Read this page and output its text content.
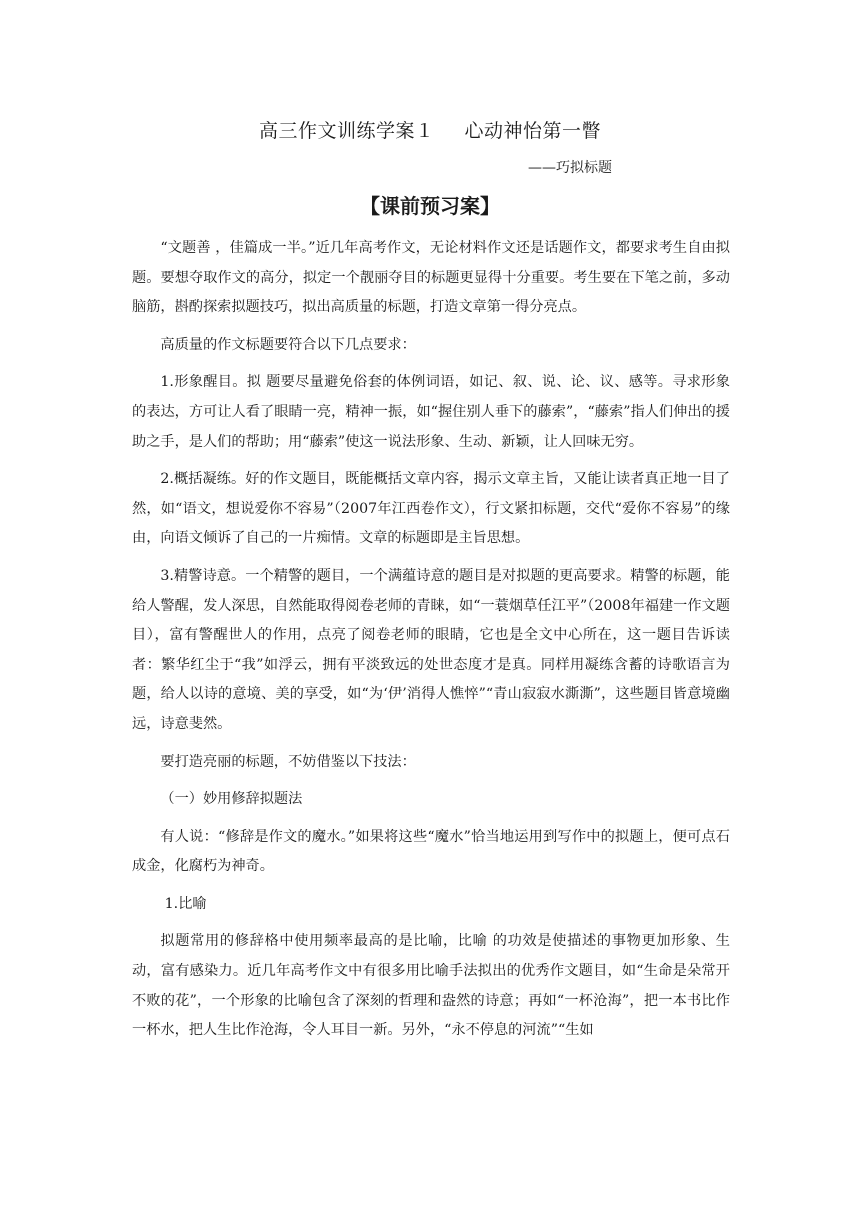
高三作文训练学案１ 心动神怡第一瞥
——巧拟标题
【课前预习案】

“文题善 ，佳篇成一半。”近几年高考作文，无论材料作文还是话题作文，都要求考生自由拟题。要想夺取作文的高分，拟定一个靓丽夺目的标题更显得十分重要。考生要在下笔之前，多动脑筋，斟酌探索拟题技巧，拟出高质量的标题，打造文章第一得分亮点。

高质量的作文标题要符合以下几点要求：

1.形象醒目。拟 题要尽量避免俗套的体例词语，如记、叙、说、论、议、感等。寻求形象的表达，方可让人看了眼睛一亮，精神一振，如“握住别人垂下的藤索”，“藤索”指人们伸出的援助之手，是人们的帮助；用“藤索”使这一说法形象、生动、新颖，让人回味无穷。

2.概括凝练。好的作文题目，既能概括文章内容，揭示文章主旨，又能让读者真正地一目了然，如“语文，想说爱你不容易”（2007年江西卷作文），行文紧扣标题，交代“爱你不容易”的缘由，向语文倾诉了自己的一片痴情。文章的标题即是主旨思想。

3.精警诗意。一个精警的题目，一个满蕴诗意的题目是对拟题的更高要求。精警的标题，能给人警醒，发人深思，自然能取得阅卷老师的青睐，如“一蓑烟草任江平”（2008年福建一作文题目），富有警醒世人的作用，点亮了阅卷老师的眼睛，它也是全文中心所在，这一题目告诉读者：繁华红尘于“我”如浮云，拥有平淡致远的处世态度才是真。同样用凝练含蓄的诗歌语言为题，给人以诗的意境、美的享受，如“为‘伊’消得人憔悴”“青山寂寂水澌澌”，这些题目皆意境幽远，诗意斐然。

要打造亮丽的标题，不妨借鉴以下技法：

（一）妙用修辞拟题法

有人说：“修辞是作文的魔水。”如果将这些“魔水”恰当地运用到写作中的拟题上，便可点石成金，化腐朽为神奇。

1.比喻

拟题常用的修辞格中使用频率最高的是比喻，比喻 的功效是使描述的事物更加形象、生动，富有感染力。近几年高考作文中有很多用比喻手法拟出的优秀作文题目，如“生命是朵常开不败的花”，一个形象的比喻包含了深刻的哲理和盎然的诗意；再如“一杯沧海”，把一本书比作一杯水，把人生比作沧海，令人耳目一新。另外，“永不停息的河流”“生如
